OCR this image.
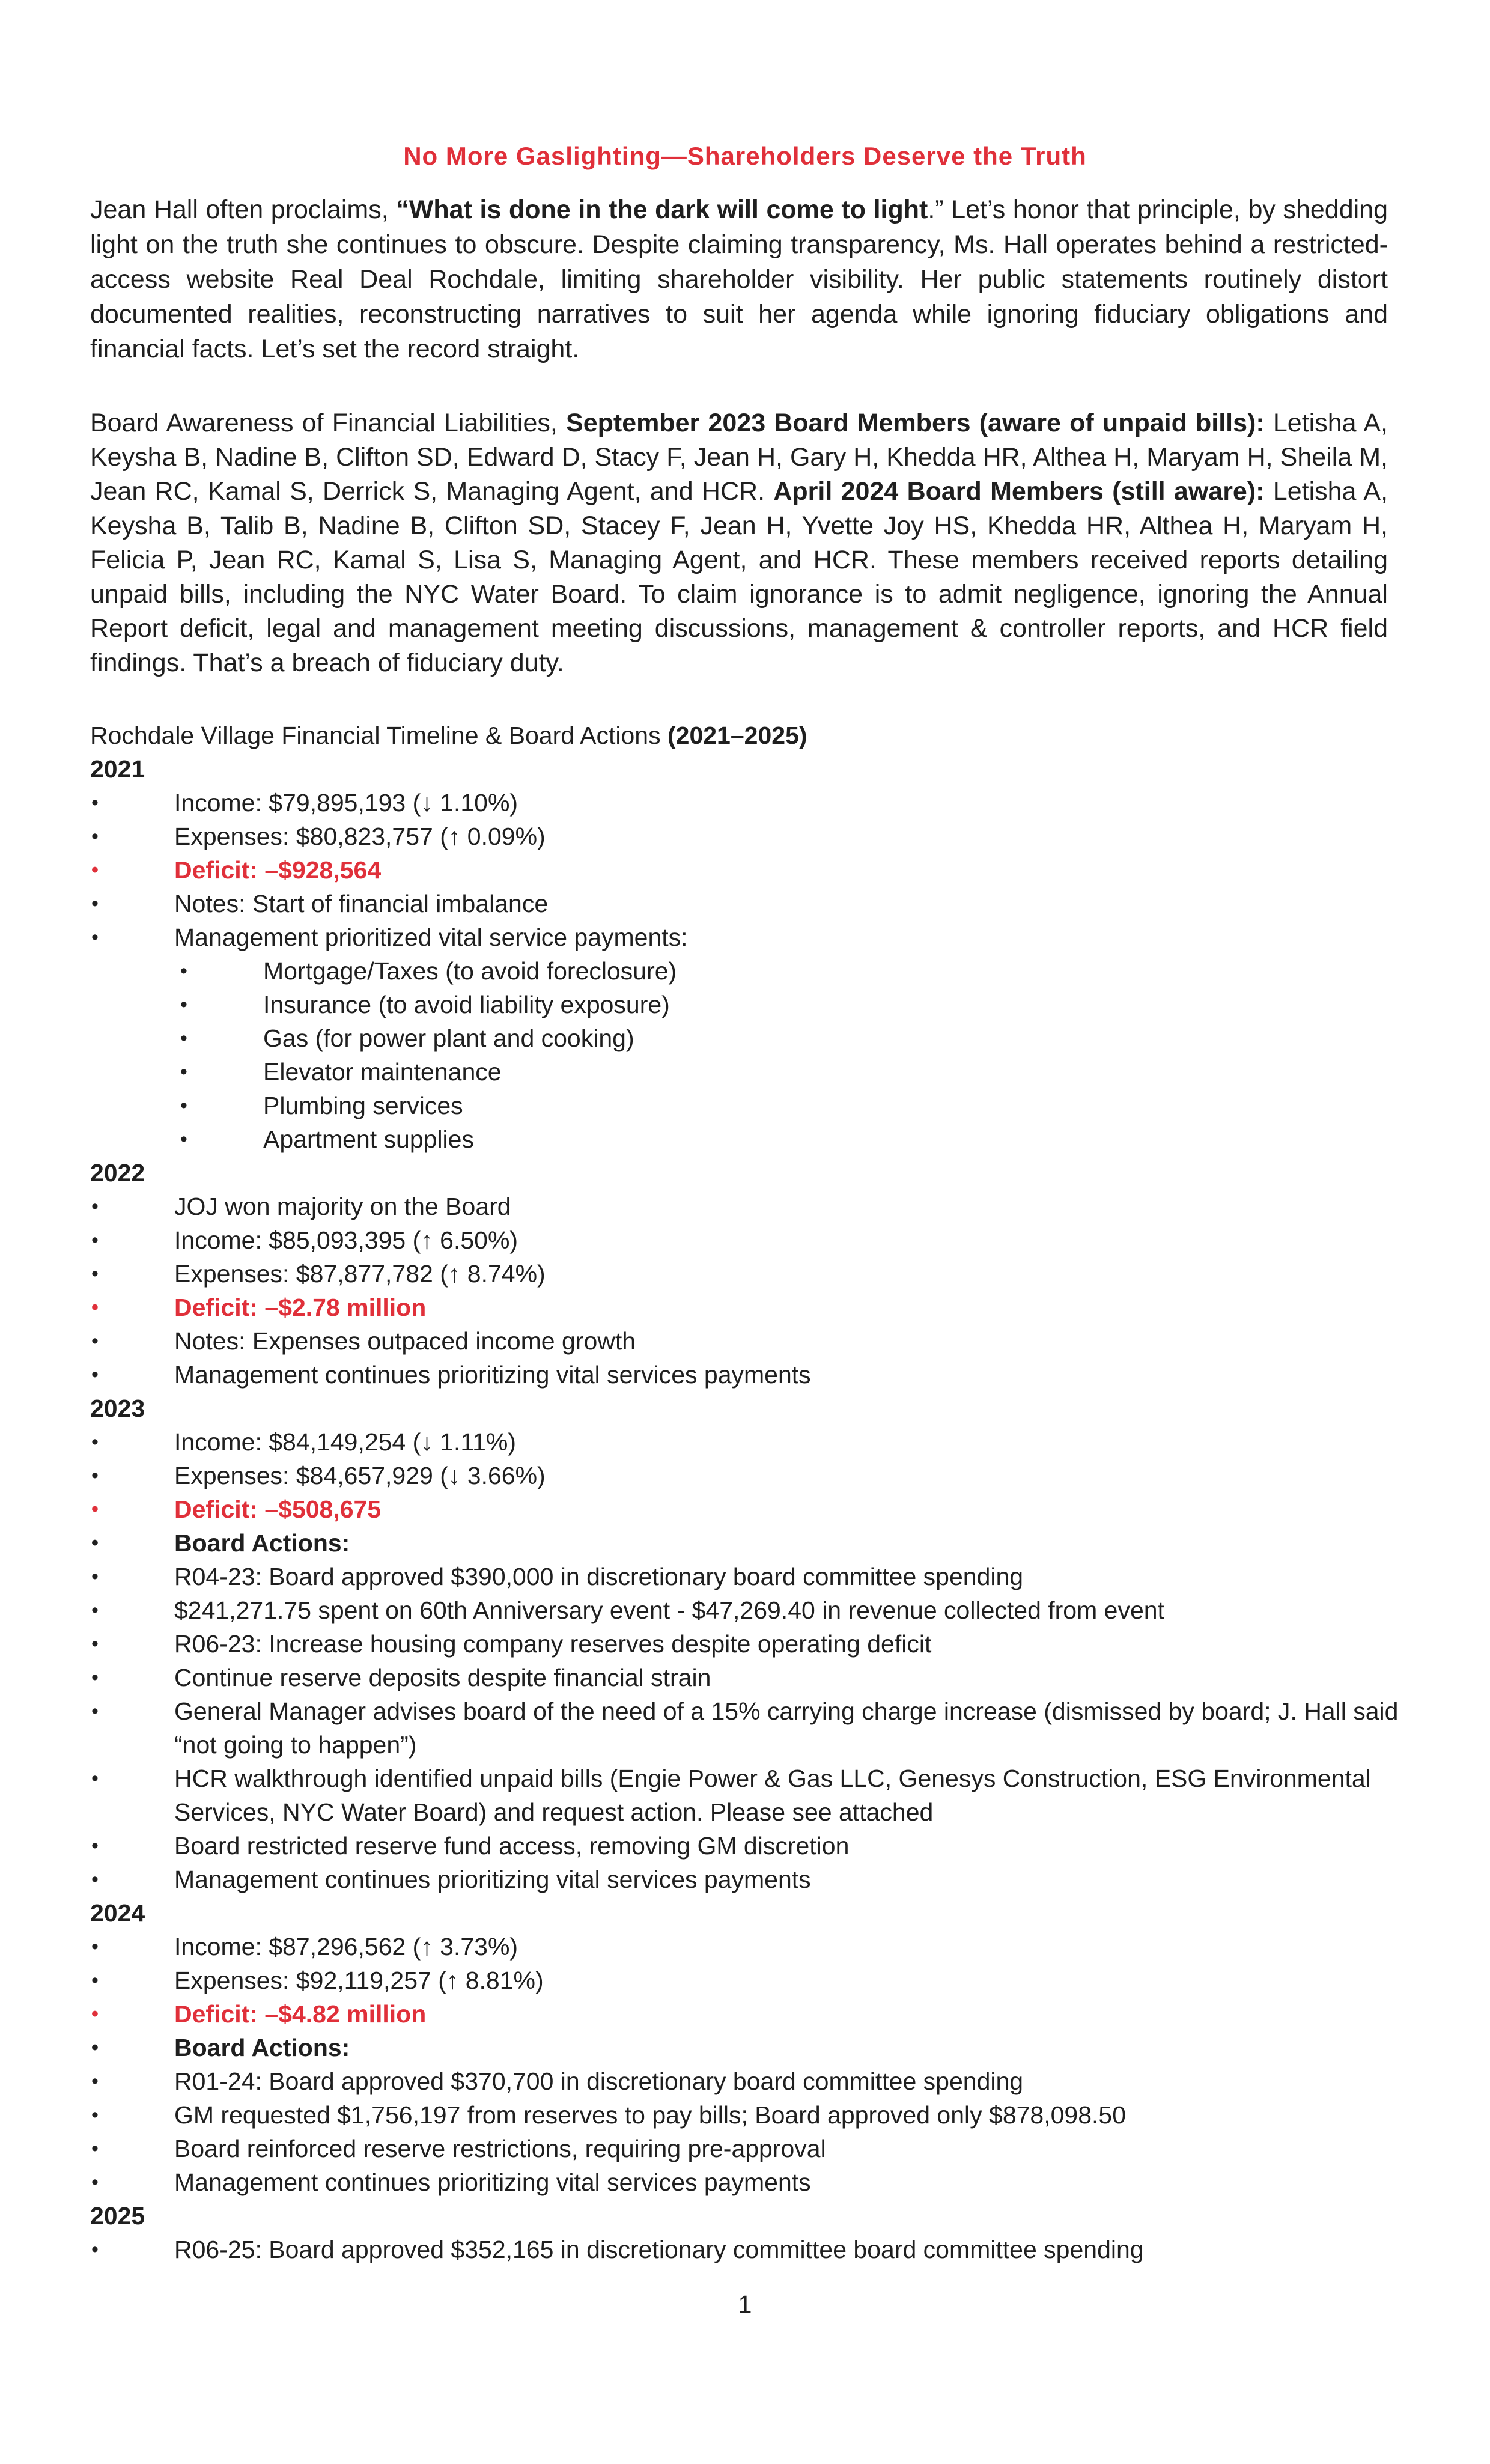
No More Gaslighting—Shareholders Deserve the Truth

Jean Hall often proclaims, “What is done in the dark will come to light.” Let’s honor that principle, by shedding light on the truth she continues to obscure. Despite claiming transparency, Ms. Hall operates behind a restricted-access website Real Deal Rochdale, limiting shareholder visibility. Her public statements routinely distort documented realities, reconstructing narratives to suit her agenda while ignoring fiduciary obligations and financial facts. Let’s set the record straight.

Board Awareness of Financial Liabilities, September 2023 Board Members (aware of unpaid bills): Letisha A, Keysha B, Nadine B, Clifton SD, Edward D, Stacy F, Jean H, Gary H, Khedda HR, Althea H, Maryam H, Sheila M, Jean RC, Kamal S, Derrick S, Managing Agent, and HCR. April 2024 Board Members (still aware): Letisha A, Keysha B, Talib B, Nadine B, Clifton SD, Stacey F, Jean H, Yvette Joy HS, Khedda HR, Althea H, Maryam H, Felicia P, Jean RC, Kamal S, Lisa S, Managing Agent, and HCR. These members received reports detailing unpaid bills, including the NYC Water Board. To claim ignorance is to admit negligence, ignoring the Annual Report deficit, legal and management meeting discussions, management & controller reports, and HCR field findings. That’s a breach of fiduciary duty.

Rochdale Village Financial Timeline & Board Actions (2021–2025)
2021
• Income: $79,895,193 (↓ 1.10%)
• Expenses: $80,823,757 (↑ 0.09%)
• Deficit: –$928,564
• Notes: Start of financial imbalance
• Management prioritized vital service payments:
• Mortgage/Taxes (to avoid foreclosure)
• Insurance (to avoid liability exposure)
• Gas (for power plant and cooking)
• Elevator maintenance
• Plumbing services
• Apartment supplies
2022
• JOJ won majority on the Board
• Income: $85,093,395 (↑ 6.50%)
• Expenses: $87,877,782 (↑ 8.74%)
• Deficit: –$2.78 million
• Notes: Expenses outpaced income growth
• Management continues prioritizing vital services payments
2023
• Income: $84,149,254 (↓ 1.11%)
• Expenses: $84,657,929 (↓ 3.66%)
• Deficit: –$508,675
• Board Actions:
• R04-23: Board approved $390,000 in discretionary board committee spending
• $241,271.75 spent on 60th Anniversary event - $47,269.40 in revenue collected from event
• R06-23: Increase housing company reserves despite operating deficit
• Continue reserve deposits despite financial strain
• General Manager advises board of the need of a 15% carrying charge increase (dismissed by board; J. Hall said “not going to happen”)
• HCR walkthrough identified unpaid bills (Engie Power & Gas LLC, Genesys Construction, ESG Environmental Services, NYC Water Board) and request action. Please see attached
• Board restricted reserve fund access, removing GM discretion
• Management continues prioritizing vital services payments
2024
• Income: $87,296,562 (↑ 3.73%)
• Expenses: $92,119,257 (↑ 8.81%)
• Deficit: –$4.82 million
• Board Actions:
• R01-24: Board approved $370,700 in discretionary board committee spending
• GM requested $1,756,197 from reserves to pay bills; Board approved only $878,098.50
• Board reinforced reserve restrictions, requiring pre-approval
• Management continues prioritizing vital services payments
2025
• R06-25: Board approved $352,165 in discretionary committee board committee spending
1
